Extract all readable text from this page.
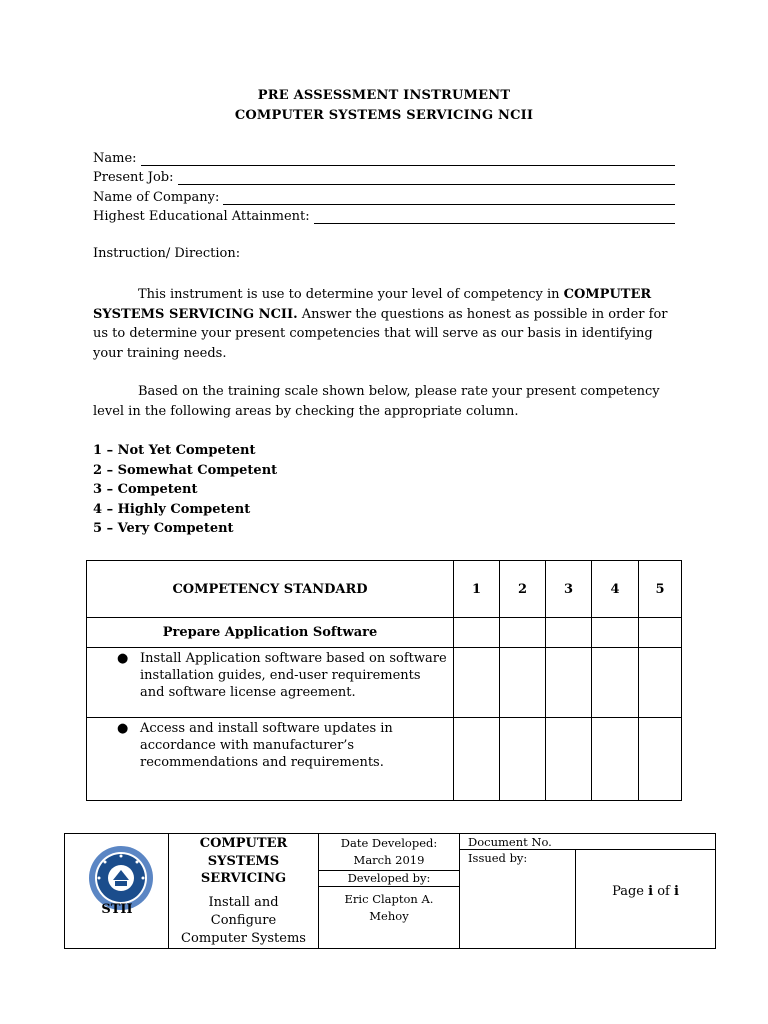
PRE ASSESSMENT INSTRUMENT
COMPUTER SYSTEMS SERVICING NCII
Name:
Present Job:
Name of Company:
Highest Educational Attainment:
Instruction/ Direction:
This instrument is use to determine your level of competency in COMPUTER SYSTEMS SERVICING NCII. Answer the questions as honest as possible in order for us to determine your present competencies that will serve as our basis in identifying your training needs.
Based on the training scale shown below, please rate your present competency level in the following areas by checking the appropriate column.
1 – Not Yet Competent
2 – Somewhat Competent
3 – Competent
4 – Highly Competent
5 – Very Competent
COMPETENCY STANDARD	1	2	3	4	5
Prepare Application Software					

● Install Application software based on software installation guides, end-user requirements and software license agreement.					

● Access and install software updates in accordance with manufacturer’s recommendations and requirements.					

STII
COMPUTER
SYSTEMS
SERVICING
Install and
Configure
Computer Systems
Date Developed:
March 2019
Developed by:
Eric Clapton A.
Mehoy
Document No.
Issued by:
Page i of i
